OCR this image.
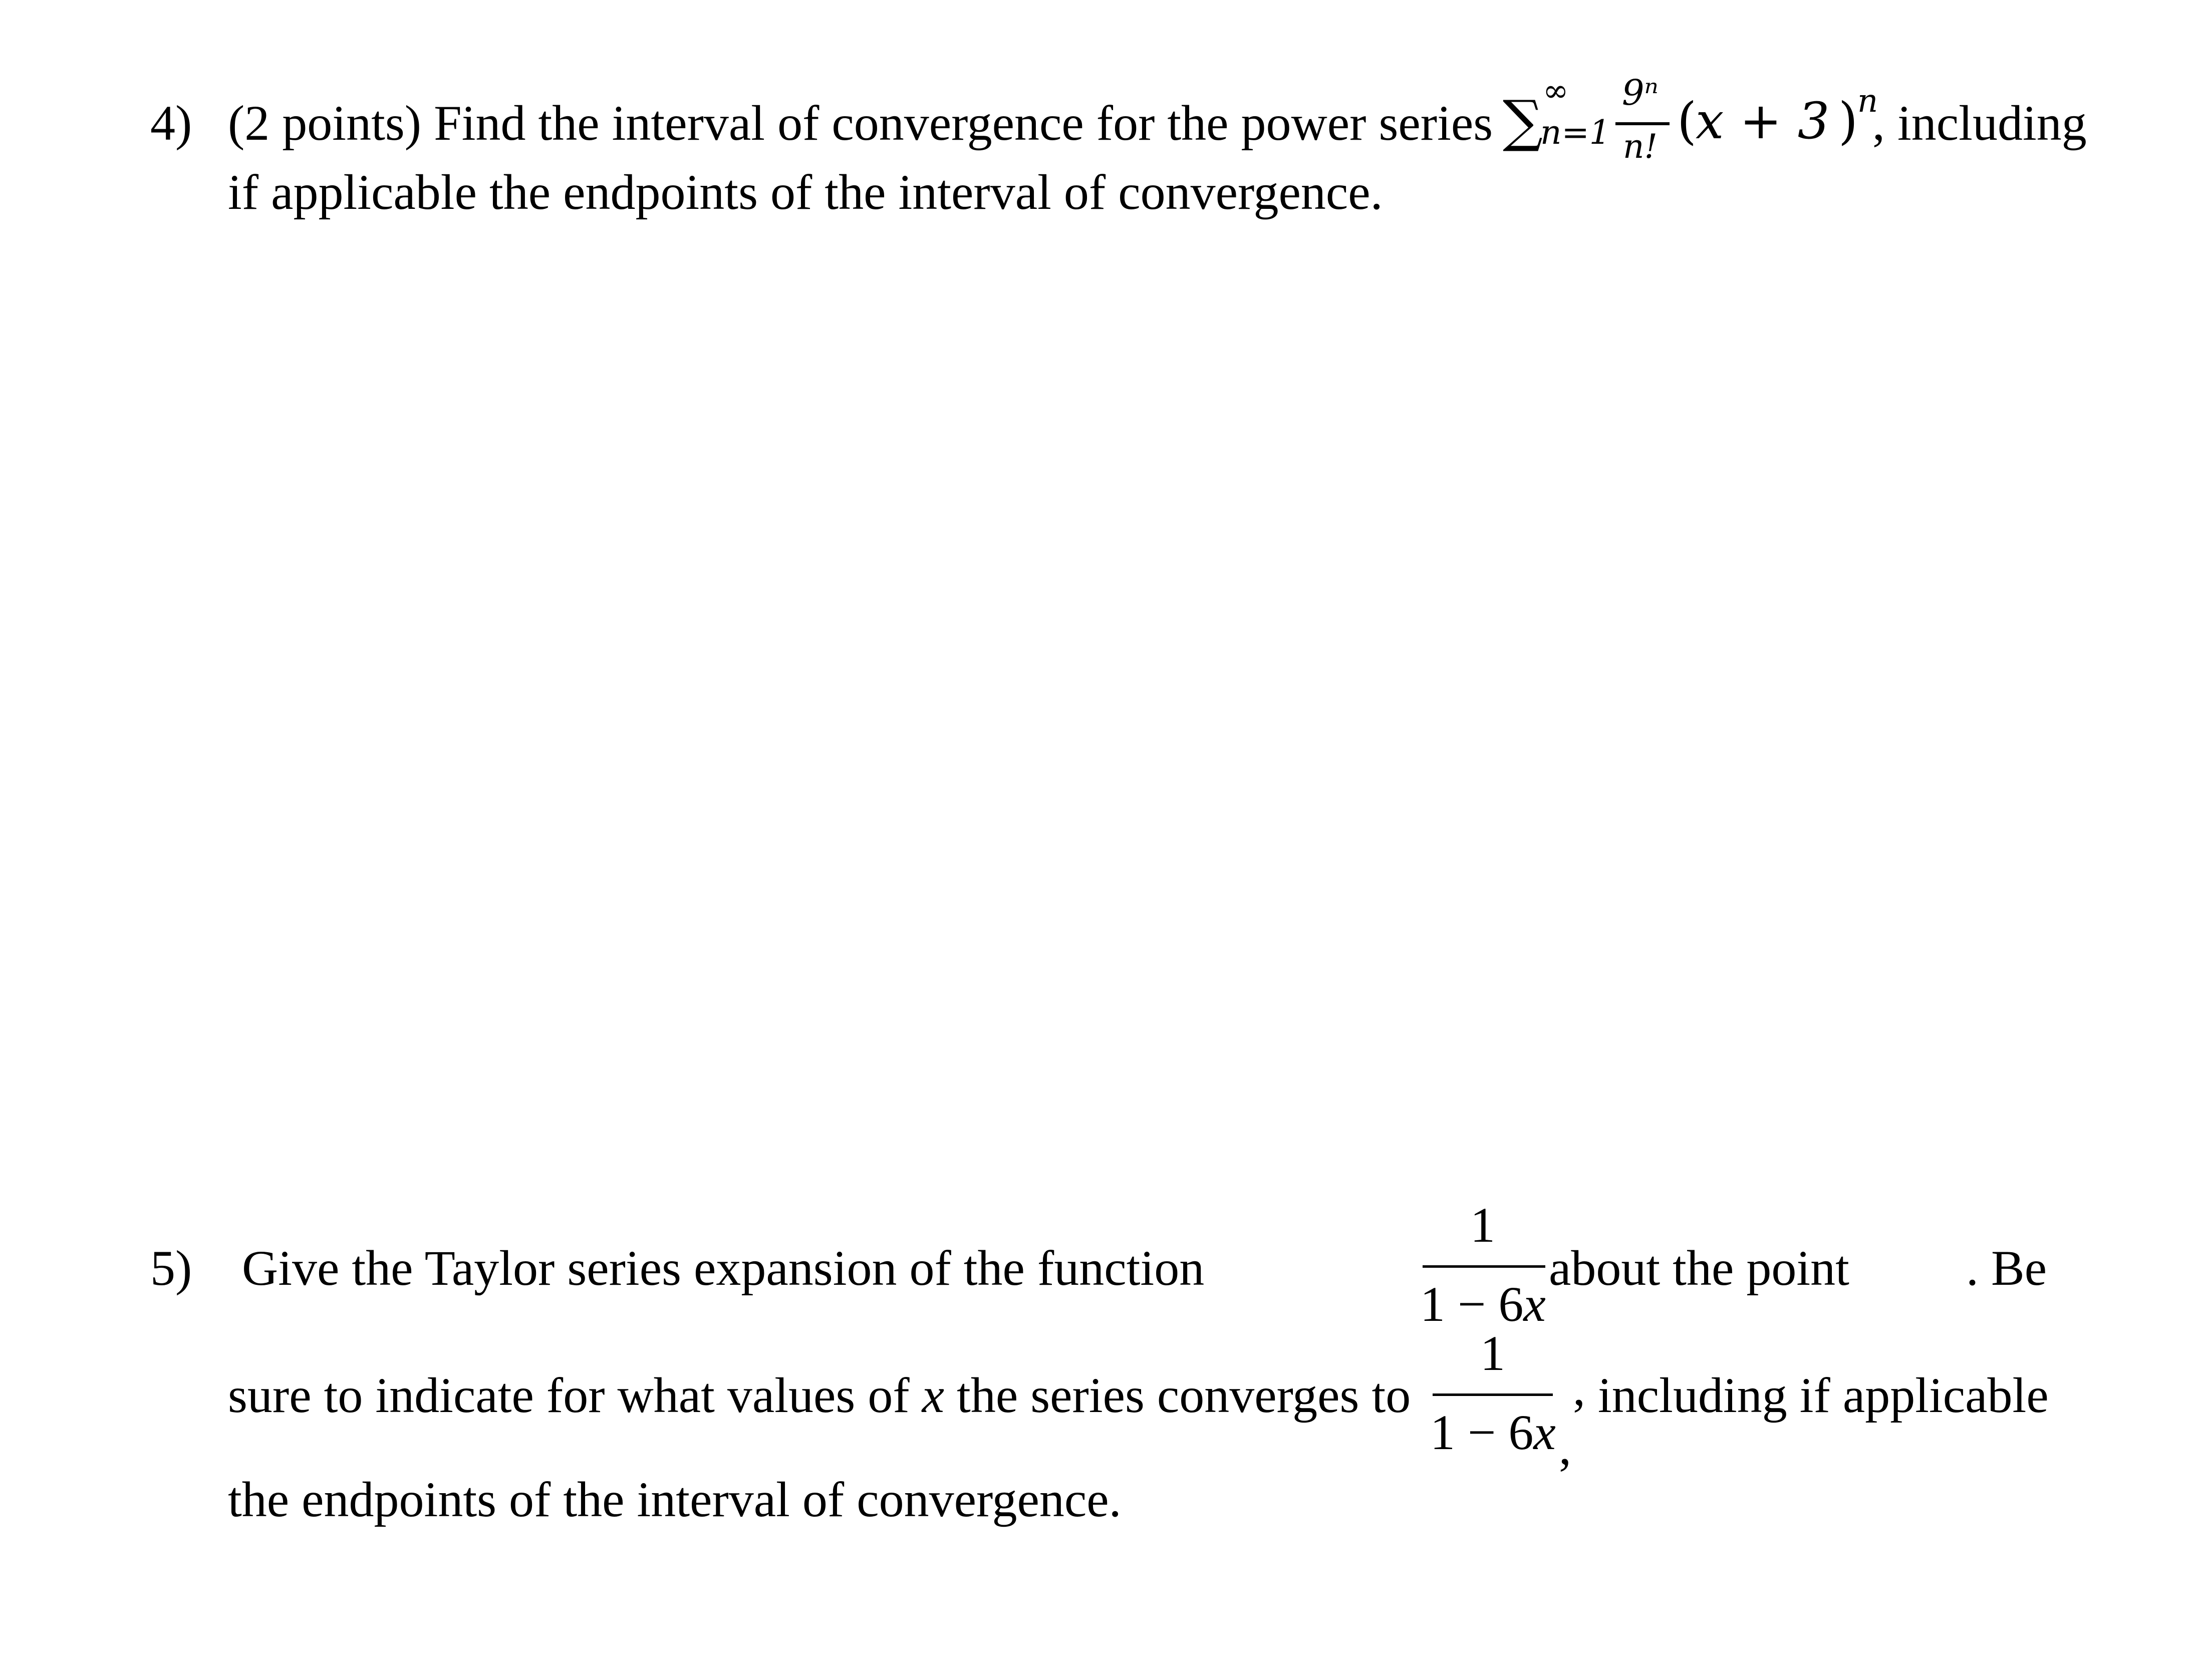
4) (2 points) Find the interval of convergence for the power series ∑ ∞
n=1
9ⁿ
n! (
x + 3 )
n
, including
if applicable the endpoints of the interval of convergence.
5) Give the Taylor series expansion of the function
1
1 − 6x
about the point . Be
sure to indicate for what values of x the series converges to
1
1 − 6x
, including if applicable
,
the endpoints of the interval of convergence.
